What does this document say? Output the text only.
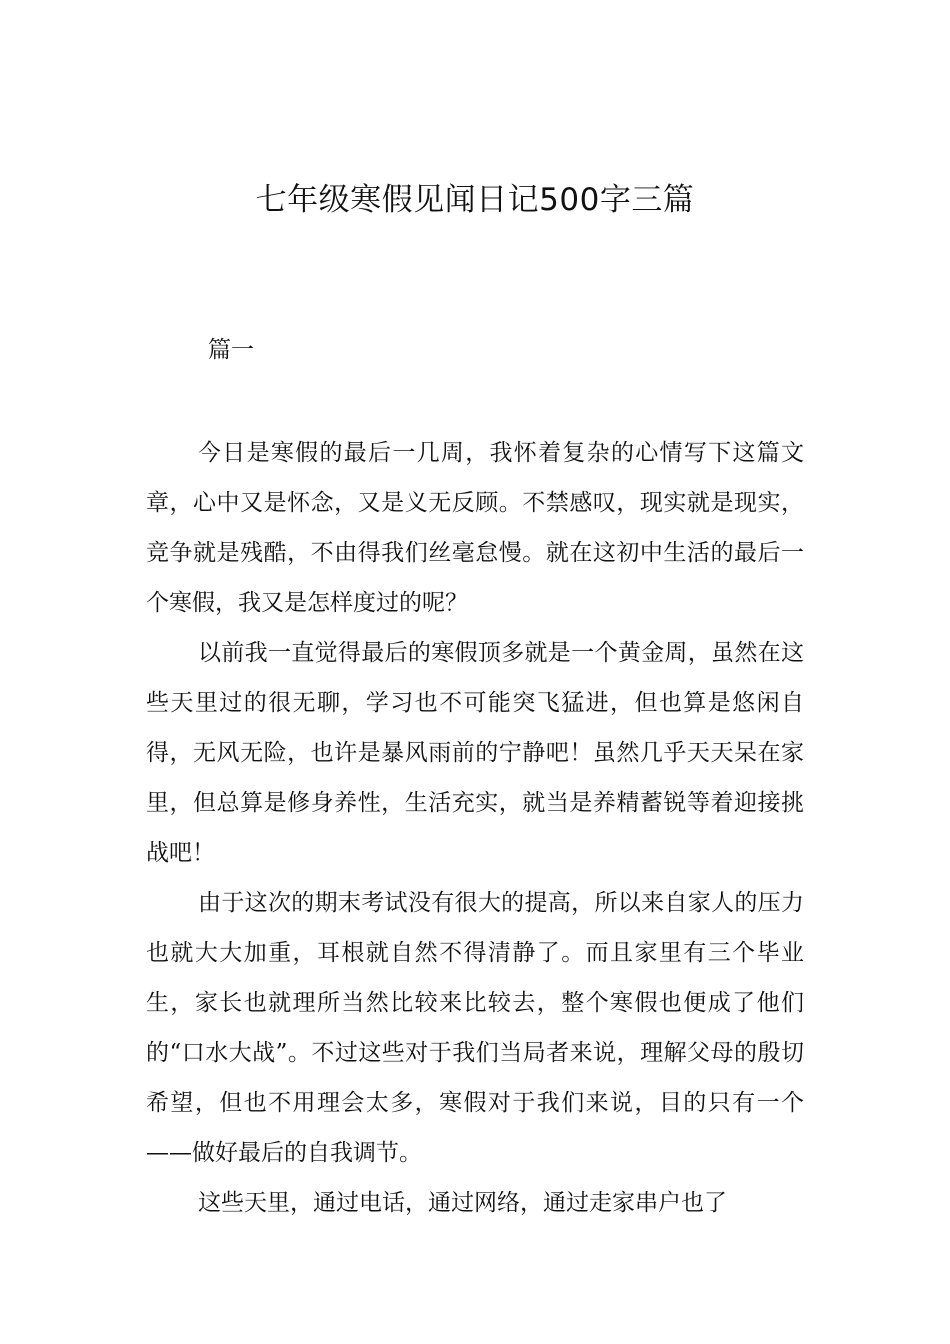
七年级寒假见闻日记500字三篇
篇一

今日是寒假的最后一几周，我怀着复杂的心情写下这篇文章，心中又是怀念，又是义无反顾。不禁感叹，现实就是现实，竞争就是残酷，不由得我们丝毫怠慢。就在这初中生活的最后一个寒假，我又是怎样度过的呢？

以前我一直觉得最后的寒假顶多就是一个黄金周，虽然在这些天里过的很无聊，学习也不可能突飞猛进，但也算是悠闲自得，无风无险，也许是暴风雨前的宁静吧！虽然几乎天天呆在家里，但总算是修身养性，生活充实，就当是养精蓄锐等着迎接挑战吧！

由于这次的期末考试没有很大的提高，所以来自家人的压力也就大大加重，耳根就自然不得清静了。而且家里有三个毕业生，家长也就理所当然比较来比较去，整个寒假也便成了他们的“口水大战”。不过这些对于我们当局者来说，理解父母的殷切希望，但也不用理会太多，寒假对于我们来说，目的只有一个——做好最后的自我调节。

这些天里，通过电话，通过网络，通过走家串户也了
